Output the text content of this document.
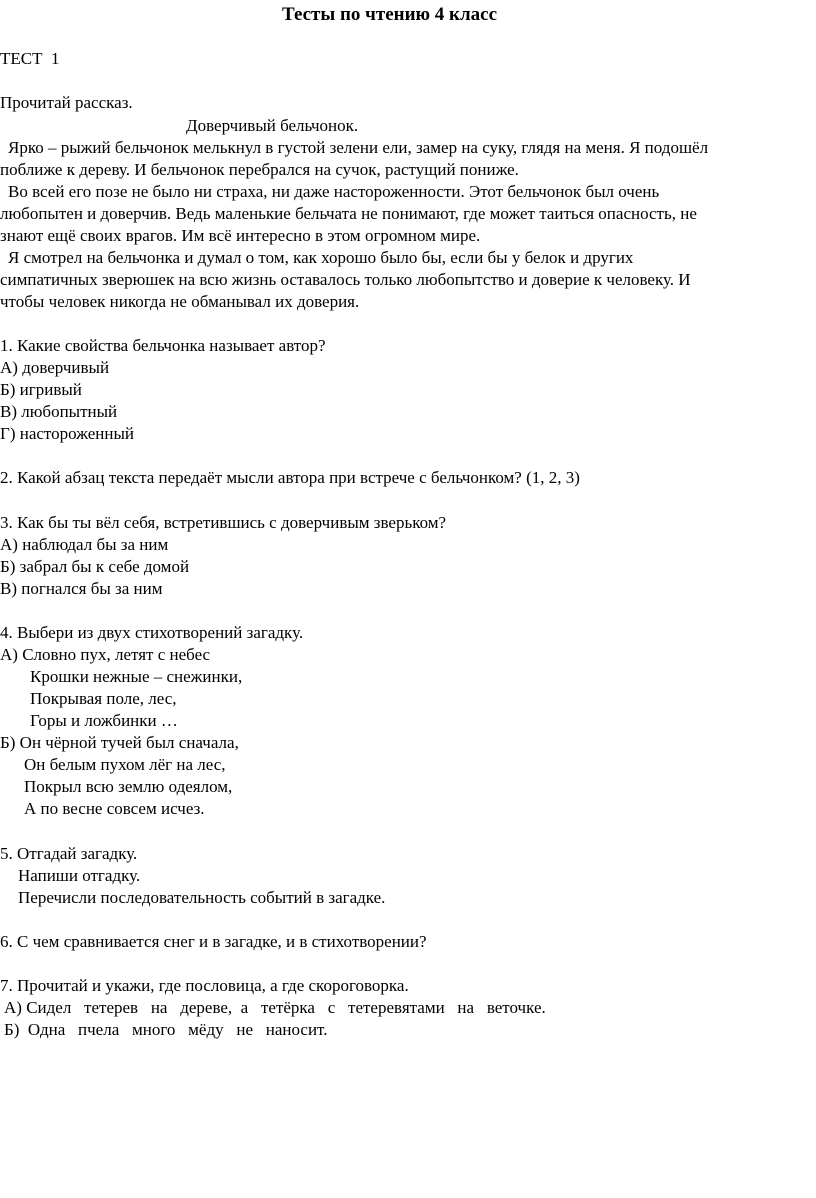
Тесты по чтению 4 класс
ТЕСТ  1
Прочитай рассказ.
Доверчивый бельчонок.
Ярко – рыжий бельчонок мелькнул в густой зелени ели, замер на суку, глядя на меня. Я подошёл
поближе к дереву. И бельчонок перебрался на сучок, растущий пониже.
Во всей его позе не было ни страха, ни даже настороженности. Этот бельчонок был очень
любопытен и доверчив. Ведь маленькие бельчата не понимают, где может таиться опасность, не
знают ещё своих врагов. Им всё интересно в этом огромном мире.
Я смотрел на бельчонка и думал о том, как хорошо было бы, если бы у белок и других
симпатичных зверюшек на всю жизнь оставалось только любопытство и доверие к человеку. И
чтобы человек никогда не обманывал их доверия.
1. Какие свойства бельчонка называет автор?
А) доверчивый
Б) игривый
В) любопытный
Г) настороженный
2. Какой абзац текста передаёт мысли автора при встрече с бельчонком? (1, 2, 3)
3. Как бы ты вёл себя, встретившись с доверчивым зверьком?
А) наблюдал бы за ним
Б) забрал бы к себе домой
В) погнался бы за ним
4. Выбери из двух стихотворений загадку.
А) Словно пух, летят с небес
Крошки нежные – снежинки,
Покрывая поле, лес,
Горы и ложбинки …
Б) Он чёрной тучей был сначала,
Он белым пухом лёг на лес,
Покрыл всю землю одеялом,
А по весне совсем исчез.
5. Отгадай загадку.
Напиши отгадку.
Перечисли последовательность событий в загадке.
6. С чем сравнивается снег и в загадке, и в стихотворении?
7. Прочитай и укажи, где пословица, а где скороговорка.
А) Сидел   тетерев   на   дереве,  а   тетёрка   с   тетеревятами   на   веточке.
Б)  Одна   пчела   много   мёду   не   наносит.
